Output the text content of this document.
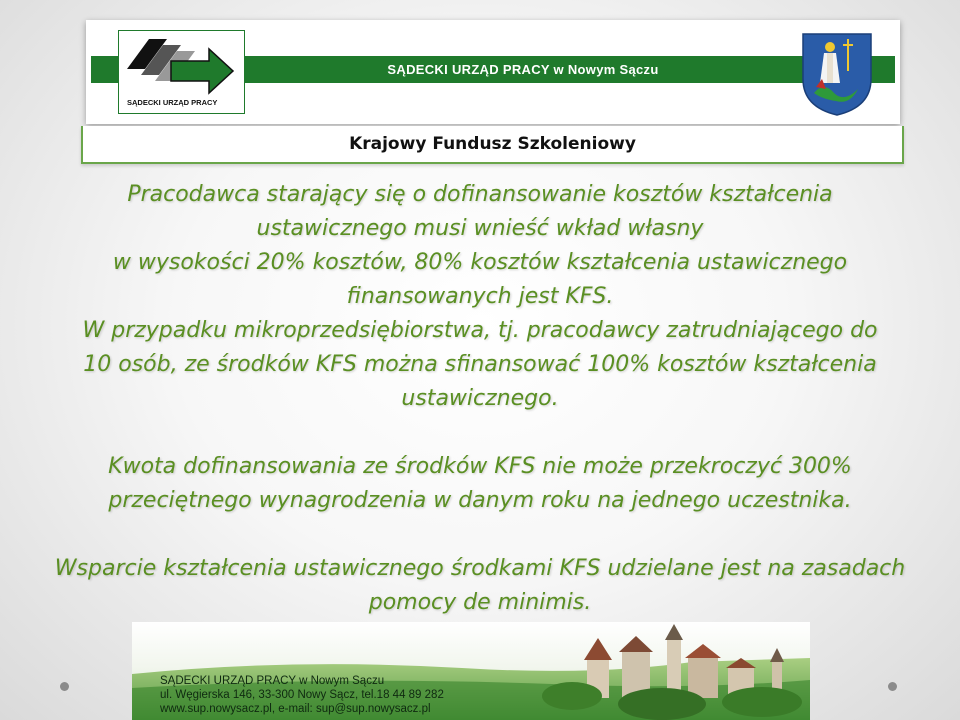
SĄDECKI URZĄD PRACY w Nowym Sączu
SĄDECKI URZĄD PRACY
Krajowy Fundusz Szkoleniowy

Pracodawca starający się o dofinansowanie kosztów kształcenia

ustawicznego musi wnieść wkład własny

w wysokości 20% kosztów, 80% kosztów kształcenia ustawicznego

finansowanych jest KFS.

W przypadku mikroprzedsiębiorstwa, tj. pracodawcy zatrudniającego do

10 osób, ze środków KFS można sfinansować 100% kosztów kształcenia

ustawicznego.

Kwota dofinansowania ze środków KFS nie może przekroczyć 300%

przeciętnego wynagrodzenia w danym roku na jednego uczestnika.

Wsparcie kształcenia ustawicznego środkami KFS udzielane jest na zasadach

pomocy de minimis.

SĄDECKI URZĄD PRACY w Nowym Sączu
ul. Węgierska 146, 33-300 Nowy Sącz, tel.18 44 89 282
www.sup.nowysacz.pl, e-mail: sup@sup.nowysacz.pl
